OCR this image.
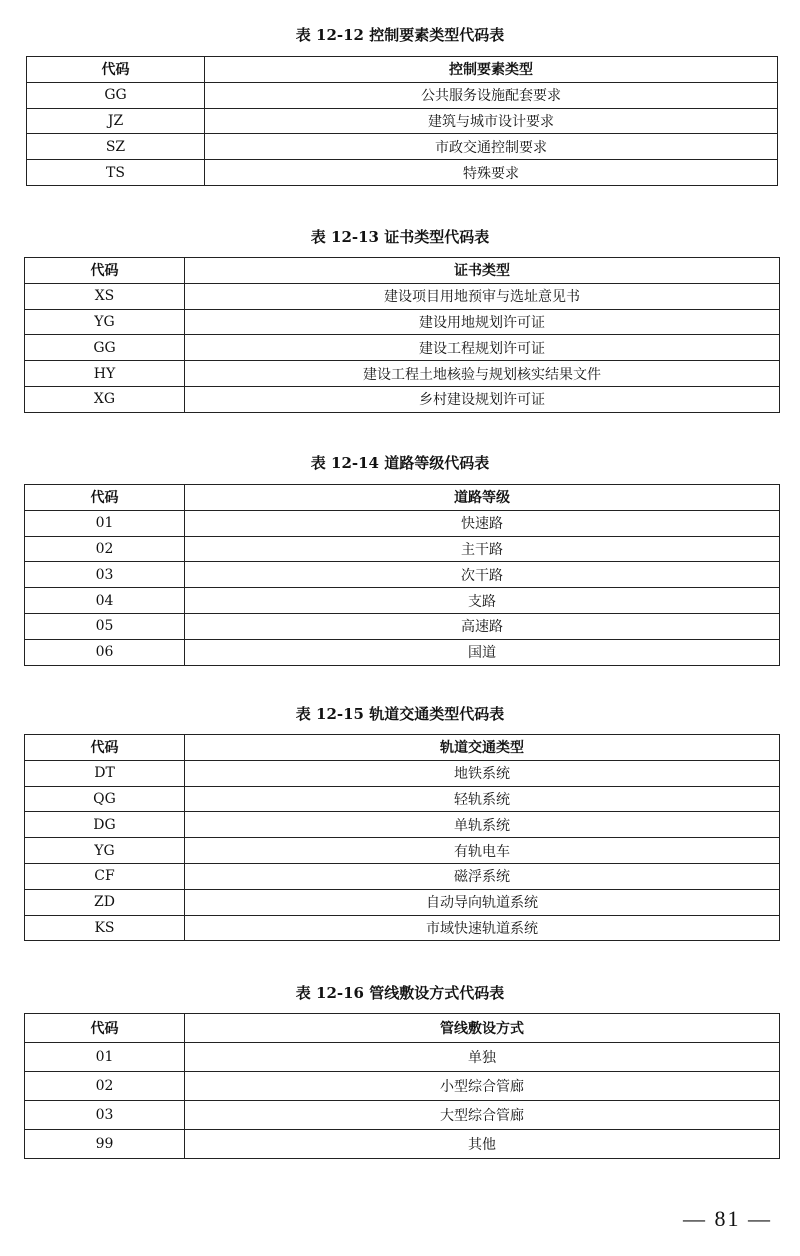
表 12-12 控制要素类型代码表
代码	控制要素类型
GG	公共服务设施配套要求
JZ	建筑与城市设计要求
SZ	市政交通控制要求
TS	特殊要求
表 12-13 证书类型代码表
代码	证书类型
XS	建设项目用地预审与选址意见书
YG	建设用地规划许可证
GG	建设工程规划许可证
HY	建设工程土地核验与规划核实结果文件
XG	乡村建设规划许可证
表 12-14 道路等级代码表
代码	道路等级
01	快速路
02	主干路
03	次干路
04	支路
05	高速路
06	国道
表 12-15 轨道交通类型代码表
代码	轨道交通类型
DT	地铁系统
QG	轻轨系统
DG	单轨系统
YG	有轨电车
CF	磁浮系统
ZD	自动导向轨道系统
KS	市域快速轨道系统
表 12-16 管线敷设方式代码表
代码	管线敷设方式
01	单独
02	小型综合管廊
03	大型综合管廊
99	其他
— 81 —
